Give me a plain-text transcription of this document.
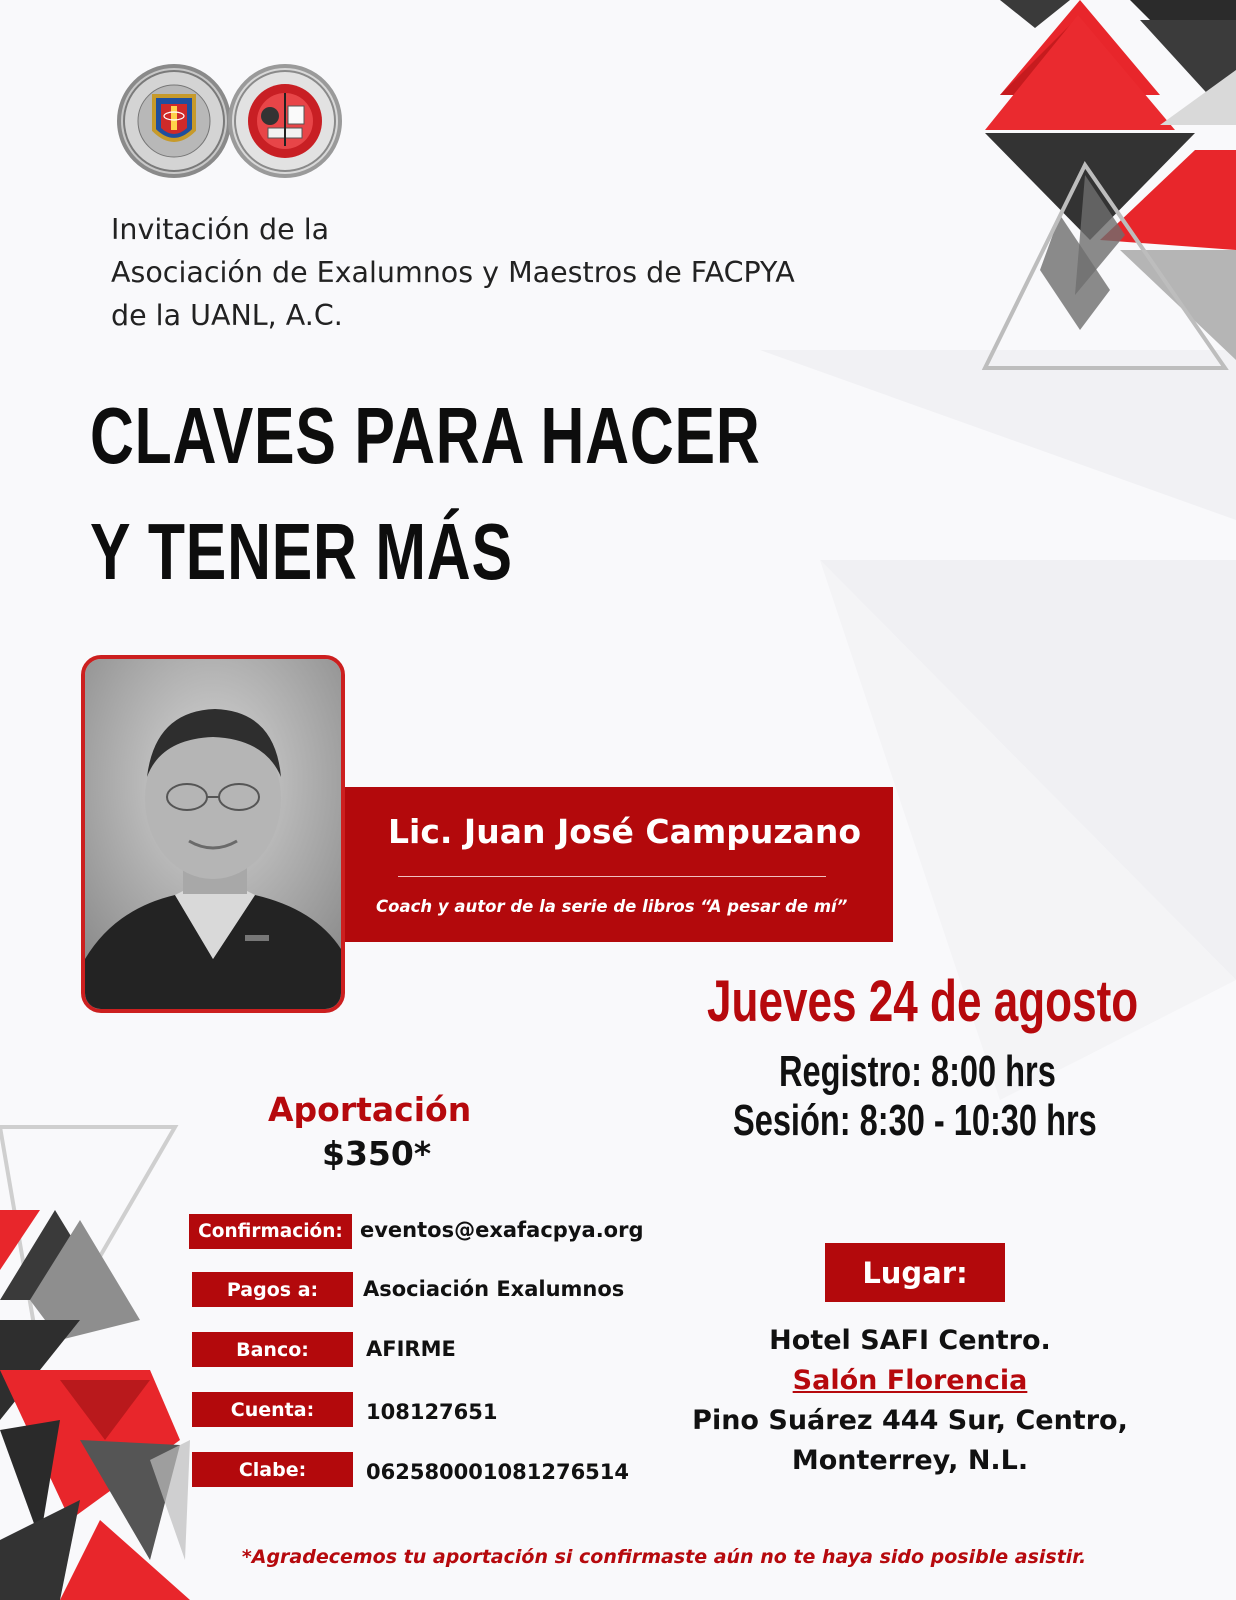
Invitación de la
Asociación de Exalumnos y Maestros de FACPYA
de la UANL, A.C.
CLAVES PARA HACER
Y TENER MÁS
Lic. Juan José Campuzano
Coach y autor de la serie de libros “A pesar de mí”
Jueves 24 de agosto
Registro: 8:00 hrs
Sesión: 8:30 - 10:30 hrs
Aportación
$350*
Confirmación: eventos@exafacpya.org
Pagos a:	Asociación Exalumnos
Banco:	AFIRME
Cuenta:	108127651
Clabe:	062580001081276514
Lugar:
Hotel SAFI Centro.
Salón Florencia
Pino Suárez 444 Sur, Centro,
Monterrey, N.L.
*Agradecemos tu aportación si confirmaste aún no te haya sido posible asistir.
